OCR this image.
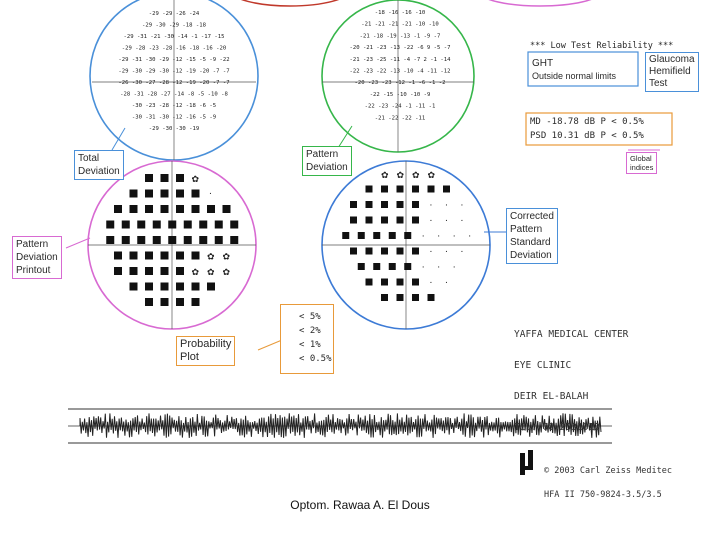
-29 -29 -26 -24
-29 -30 -29 -18 -18
-29 -31 -21 -30 -14 -1 -17 -15
-29 -28 -23 -28 -16 -18 -16 -20
-29 -31 -30 -29 -12 -15 -5 -9 -22
-29 -30 -29 -30 -12 -19 -20 -7 -7
-26 -30 -27 -28 -12 -19 -20 -7 -7
-28 -31 -28 -27 -14 -8 -5 -10 -8
-30 -23 -28 -12 -18 -6 -5
-30 -31 -30 -12 -16 -5 -9
-29 -30 -30 -19
-18 -16 -16 -10
-21 -21 -21 -21 -10 -10
-21 -18 -19 -13 -1 -9 -7
-20 -21 -23 -13 -22 -6 9 -5 -7
-21 -23 -25 -11 -4 -7 2 -1 -14
-22 -23 -22 -13 -10 -4 -11 -12
-20 -23 -23 -12 -1 -6 -1 -2
-22 -15 -10 -10 -9
-22 -23 -24 -1 -11 -1
-21 -22 -22 -11
✿
·
✿ ✿
✿ ✿ ✿
✿ ✿ ✿ ✿
· · ·
· · ·
· · · ·
· · ·
· · ·
· ·
Total
Deviation
Pattern
Deviation
Pattern
Deviation
Printout
Corrected
Pattern
Standard
Deviation
Probability
Plot
Global
indices
Glaucoma
Hemifield
Test
*** Low Test Reliability ***
GHT
Outside normal limits
MD -18.78 dB P < 0.5%
PSD 10.31 dB P < 0.5%
< 5%
< 2%
< 1%
< 0.5%

YAFFA MEDICAL CENTER

EYE CLINIC

DEIR EL-BALAH

TEL: 08-2531012

© 2003 Carl Zeiss Meditec

HFA II 750-9824-3.5/3.5

Optom. Rawaa A. El Dous
